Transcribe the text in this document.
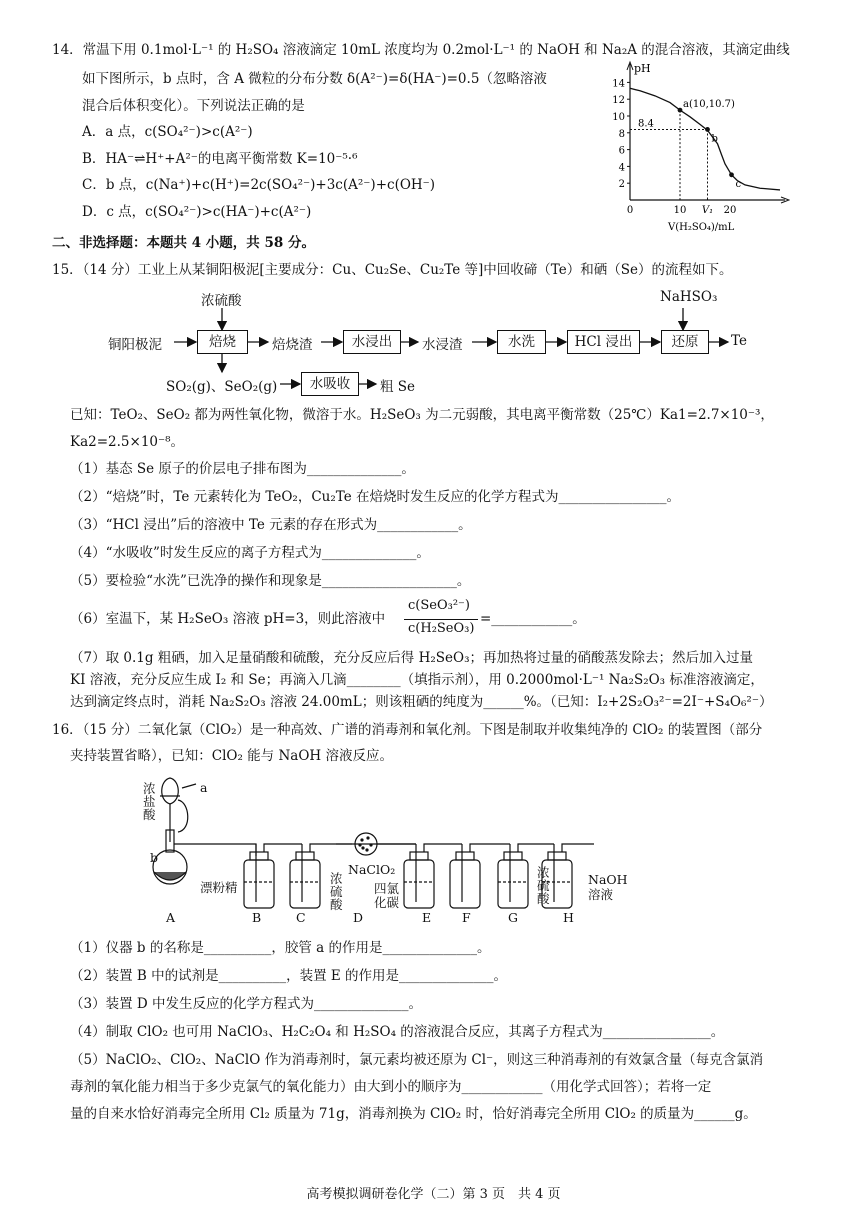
14．常温下用 0.1mol·L⁻¹ 的 H₂SO₄ 溶液滴定 10mL 浓度均为 0.2mol·L⁻¹ 的 NaOH 和 Na₂A 的混合溶液，其滴定曲线
如下图所示，b 点时，含 A 微粒的分布分数 δ(A²⁻)=δ(HA⁻)=0.5（忽略溶液
混合后体积变化）。下列说法正确的是
A．a 点，c(SO₄²⁻)>c(A²⁻)
B．HA⁻⇌H⁺+A²⁻的电离平衡常数 K=10⁻⁵·⁶
C．b 点，c(Na⁺)+c(H⁺)=2c(SO₄²⁻)+3c(A²⁻)+c(OH⁻)
D．c 点，c(SO₄²⁻)>c(HA⁻)+c(A²⁻)
pH
V(H₂SO₄)/mL
2
4
6
8
10
12
14
0	10 V₁ 20
8.4
a(10,10.7)
b
c
二、非选择题：本题共 4 小题，共 58 分。
15．（14 分）工业上从某铜阳极泥[主要成分：Cu、Cu₂Se、Cu₂Te 等]中回收碲（Te）和硒（Se）的流程如下。
铜阳极泥
浓硫酸
焙烧	焙烧渣	水浸出	水浸渣	水洗	HCl 浸出
NaHSO₃
还原	Te
SO₂(g)、SeO₂(g)	水吸收	粗 Se
已知：TeO₂、SeO₂ 都为两性氧化物，微溶于水。H₂SeO₃ 为二元弱酸，其电离平衡常数（25℃）Ka1=2.7×10⁻³，
Ka2=2.5×10⁻⁸。
（1）基态 Se 原子的价层电子排布图为______________。
（2）“焙烧”时，Te 元素转化为 TeO₂，Cu₂Te 在焙烧时发生反应的化学方程式为________________。
（3）“HCl 浸出”后的溶液中 Te 元素的存在形式为____________。
（4）“水吸收”时发生反应的离子方程式为______________。
（5）要检验“水洗”已洗净的操作和现象是____________________。
（6）室温下，某 H₂SeO₃ 溶液 pH=3，则此溶液中
c(SeO₃²⁻)
c(H₂SeO₃)
=____________。
（7）取 0.1g 粗硒，加入足量硝酸和硫酸，充分反应后得 H₂SeO₃；再加热将过量的硝酸蒸发除去；然后加入过量
KI 溶液，充分反应生成 I₂ 和 Se；再滴入几滴________（填指示剂），用 0.2000mol·L⁻¹ Na₂S₂O₃ 标准溶液滴定，
达到滴定终点时，消耗 Na₂S₂O₃ 溶液 24.00mL；则该粗硒的纯度为______%。（已知：I₂+2S₂O₃²⁻=2I⁻+S₄O₆²⁻）
16．（15 分）二氧化氯（ClO₂）是一种高效、广谱的消毒剂和氧化剂。下图是制取并收集纯净的 ClO₂ 的装置图（部分
夹持装置省略），已知：ClO₂ 能与 NaOH 溶液反应。
浓
盐
酸
a
b
漂粉精
NaClO₂
浓
硫
酸
四氯
化碳
浓
硫
酸
NaOH
溶液
A	B	C	D	E F	G	H
（1）仪器 b 的名称是__________，胶管 a 的作用是______________。
（2）装置 B 中的试剂是__________，装置 E 的作用是______________。
（3）装置 D 中发生反应的化学方程式为______________。
（4）制取 ClO₂ 也可用 NaClO₃、H₂C₂O₄ 和 H₂SO₄ 的溶液混合反应，其离子方程式为________________。
（5）NaClO₂、ClO₂、NaClO 作为消毒剂时，氯元素均被还原为 Cl⁻，则这三种消毒剂的有效氯含量（每克含氯消
毒剂的氧化能力相当于多少克氯气的氧化能力）由大到小的顺序为____________（用化学式回答）；若将一定
量的自来水恰好消毒完全所用 Cl₂ 质量为 71g，消毒剂换为 ClO₂ 时，恰好消毒完全所用 ClO₂ 的质量为______g。
高考模拟调研卷化学（二）第 3 页　共 4 页
